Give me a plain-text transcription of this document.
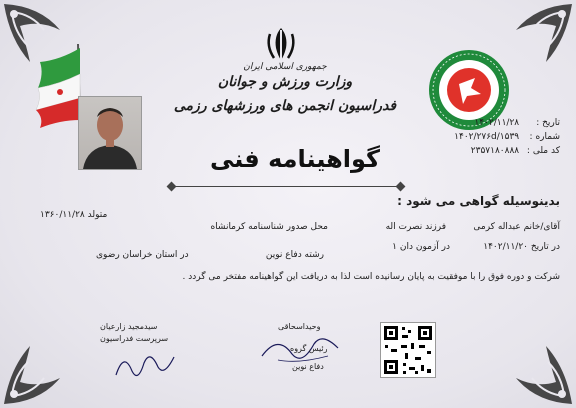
جمهوری اسلامی ایران
وزارت ورزش و جوانان
فدراسیون انجمن های ورزشهای رزمی
تاریخ : ۱۴۰۲/۱۱/۲۸
شماره : ۱۴۰۲/۲۷۶d/۱۵۳۹
کد ملی : ۲۳۵۷۱۸۰۸۸۸
گواهینامه فنی
بدینوسیله گواهی می شود :
آقای/خانم عبداله کرمی
فرزند نصرت اله
محل صدور شناسنامه کرمانشاه
متولد ۱۳۶۰/۱۱/۲۸
در تاریخ ۱۴۰۲/۱۱/۲۰
در آزمون دان ۱
رشته دفاع نوین
در استان خراسان رضوی
شرکت و دوره فوق را با موفقیت به پایان رسانیده است لذا به دریافت این گواهینامه مفتخر می گردد .
سیدمجید زارعیان
سرپرست فدراسیون
وحیداسحاقی
رئیس گروه
دفاع نوین
